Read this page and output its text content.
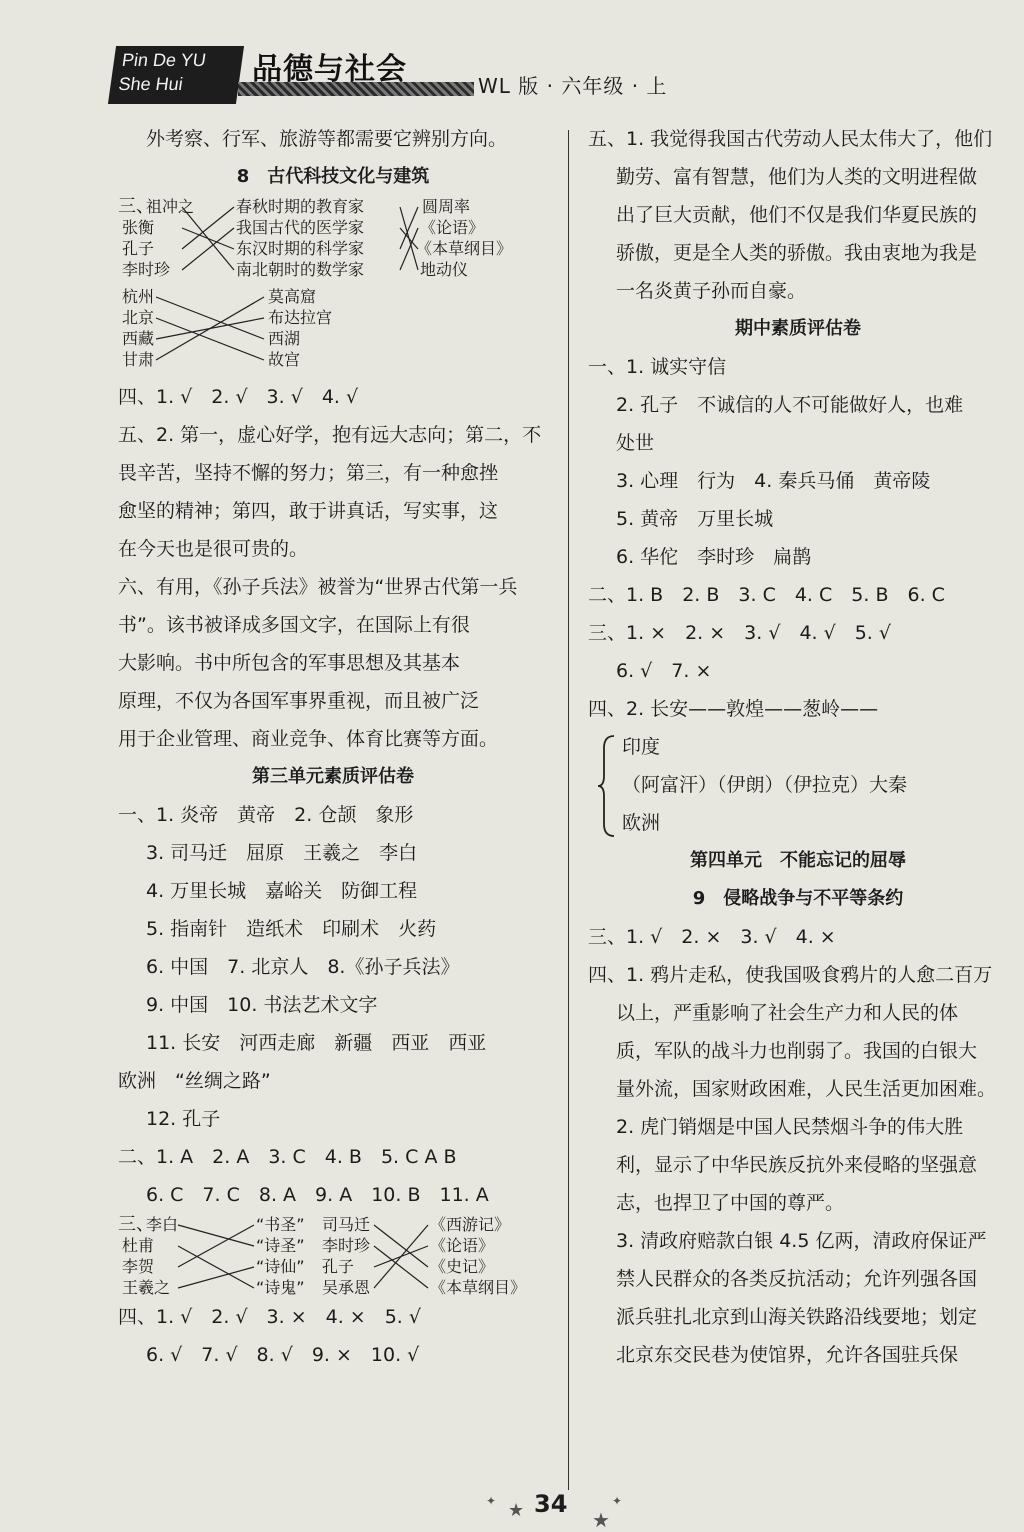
Pin De YU
She Hui	品德与社会	WL 版 · 六年级 · 上
外考察、行军、旅游等都需要它辨别方向。
8　古代科技文化与建筑
三、
祖冲之
张衡
孔子
李时珍
春秋时期的教育家
我国古代的医学家
东汉时期的科学家
南北朝时的数学家
圆周率
《论语》
《本草纲目》
地动仪
杭州
北京
西藏
甘肃
莫高窟
布达拉宫
西湖
故宫
四、1. √　2. √　3. √　4. √
五、2. 第一，虚心好学，抱有远大志向；第二，不
畏辛苦，坚持不懈的努力；第三，有一种愈挫
愈坚的精神；第四，敢于讲真话，写实事，这
在今天也是很可贵的。
六、有用，《孙子兵法》被誉为“世界古代第一兵
书”。该书被译成多国文字，在国际上有很
大影响。书中所包含的军事思想及其基本
原理，不仅为各国军事界重视，而且被广泛
用于企业管理、商业竞争、体育比赛等方面。
第三单元素质评估卷
一、1. 炎帝　黄帝　2. 仓颉　象形
3. 司马迁　屈原　王羲之　李白
4. 万里长城　嘉峪关　防御工程
5. 指南针　造纸术　印刷术　火药
6. 中国　7. 北京人　8.《孙子兵法》
9. 中国　10. 书法艺术文字
11. 长安　河西走廊　新疆　西亚　西亚
欧洲　“丝绸之路”
12. 孔子
二、1. A　2. A　3. C　4. B　5. C A B
6. C　7. C　8. A　9. A　10. B　11. A
三、
李白
杜甫
李贺
王羲之
“书圣”
“诗圣”
“诗仙”
“诗鬼”
司马迁
李时珍
孔子
吴承恩
《西游记》
《论语》
《史记》
《本草纲目》
四、1. √　2. √　3. ×　4. ×　5. √
6. √　7. √　8. √　9. ×　10. √
五、1. 我觉得我国古代劳动人民太伟大了，他们
勤劳、富有智慧，他们为人类的文明进程做
出了巨大贡献，他们不仅是我们华夏民族的
骄傲，更是全人类的骄傲。我由衷地为我是
一名炎黄子孙而自豪。
期中素质评估卷
一、1. 诚实守信
2. 孔子　不诚信的人不可能做好人，也难
处世
3. 心理　行为　4. 秦兵马俑　黄帝陵
5. 黄帝　万里长城
6. 华佗　李时珍　扁鹊
二、1. B　2. B　3. C　4. C　5. B　6. C
三、1. ×　2. ×　3. √　4. √　5. √
6. √　7. ×
四、2. 长安——敦煌——葱岭——
印度
（阿富汗）（伊朗）（伊拉克）大秦
欧洲
第四单元　不能忘记的屈辱
9　侵略战争与不平等条约
三、1. √　2. ×　3. √　4. ×
四、1. 鸦片走私，使我国吸食鸦片的人愈二百万
以上，严重影响了社会生产力和人民的体
质，军队的战斗力也削弱了。我国的白银大
量外流，国家财政困难，人民生活更加困难。
2. 虎门销烟是中国人民禁烟斗争的伟大胜
利，显示了中华民族反抗外来侵略的坚强意
志，也捍卫了中国的尊严。
3. 清政府赔款白银 4.5 亿两，清政府保证严
禁人民群众的各类反抗活动；允许列强各国
派兵驻扎北京到山海关铁路沿线要地；划定
北京东交民巷为使馆界，允许各国驻兵保
★	★
✦
✦ 34
